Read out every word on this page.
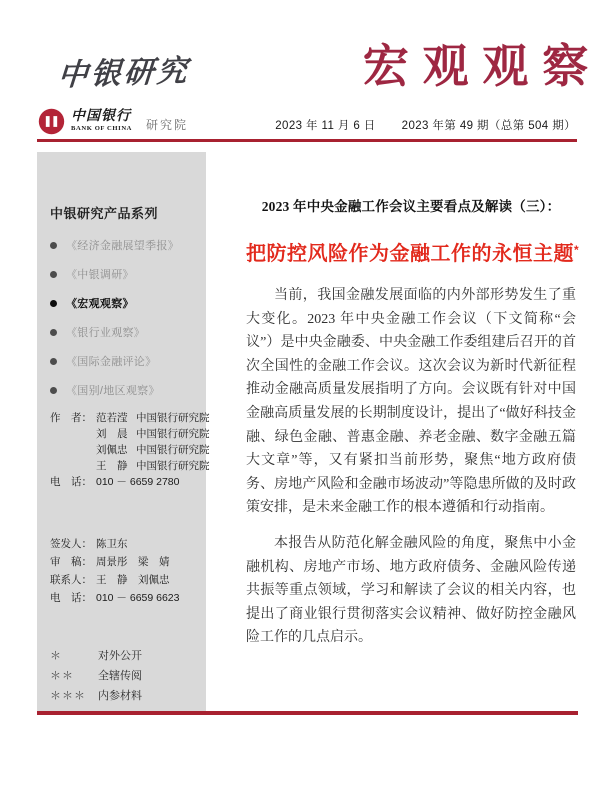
中银研究	宏观观察
中国银行
BANK OF CHINA 研究院	2023 年 11 月 6 日 2023 年第 49 期（总第 504 期）
中银研究产品系列
《经济金融展望季报》
《中银调研》
《宏观观察》
《银行业观察》
《国际金融评论》
《国别/地区观察》
作　者： 范若滢 中国银行研究院
刘　晨 中国银行研究院
刘佩忠 中国银行研究院
王　静 中国银行研究院
电　话： 010 － 6659 2780
签发人： 陈卫东
审　稿： 周景彤　梁　婧
联系人： 王　静　刘佩忠
电　话： 010 － 6659 6623
＊	对外公开
＊＊	全辖传阅
＊＊＊	内参材料
2023 年中央金融工作会议主要看点及解读（三）：
把防控风险作为金融工作的永恒主题*

当前，我国金融发展面临的内外部形势发生了重大变化。2023 年中央金融工作会议（下文简称“会议”）是中央金融委、中央金融工作委组建后召开的首次全国性的金融工作会议。这次会议为新时代新征程推动金融高质量发展指明了方向。会议既有针对中国金融高质量发展的长期制度设计，提出了“做好科技金融、绿色金融、普惠金融、养老金融、数字金融五篇大文章”等，又有紧扣当前形势，聚焦“地方政府债务、房地产风险和金融市场波动”等隐患所做的及时政策安排，是未来金融工作的根本遵循和行动指南。

本报告从防范化解金融风险的角度，聚焦中小金融机构、房地产市场、地方政府债务、金融风险传递共振等重点领域，学习和解读了会议的相关内容，也提出了商业银行贯彻落实会议精神、做好防控金融风险工作的几点启示。
